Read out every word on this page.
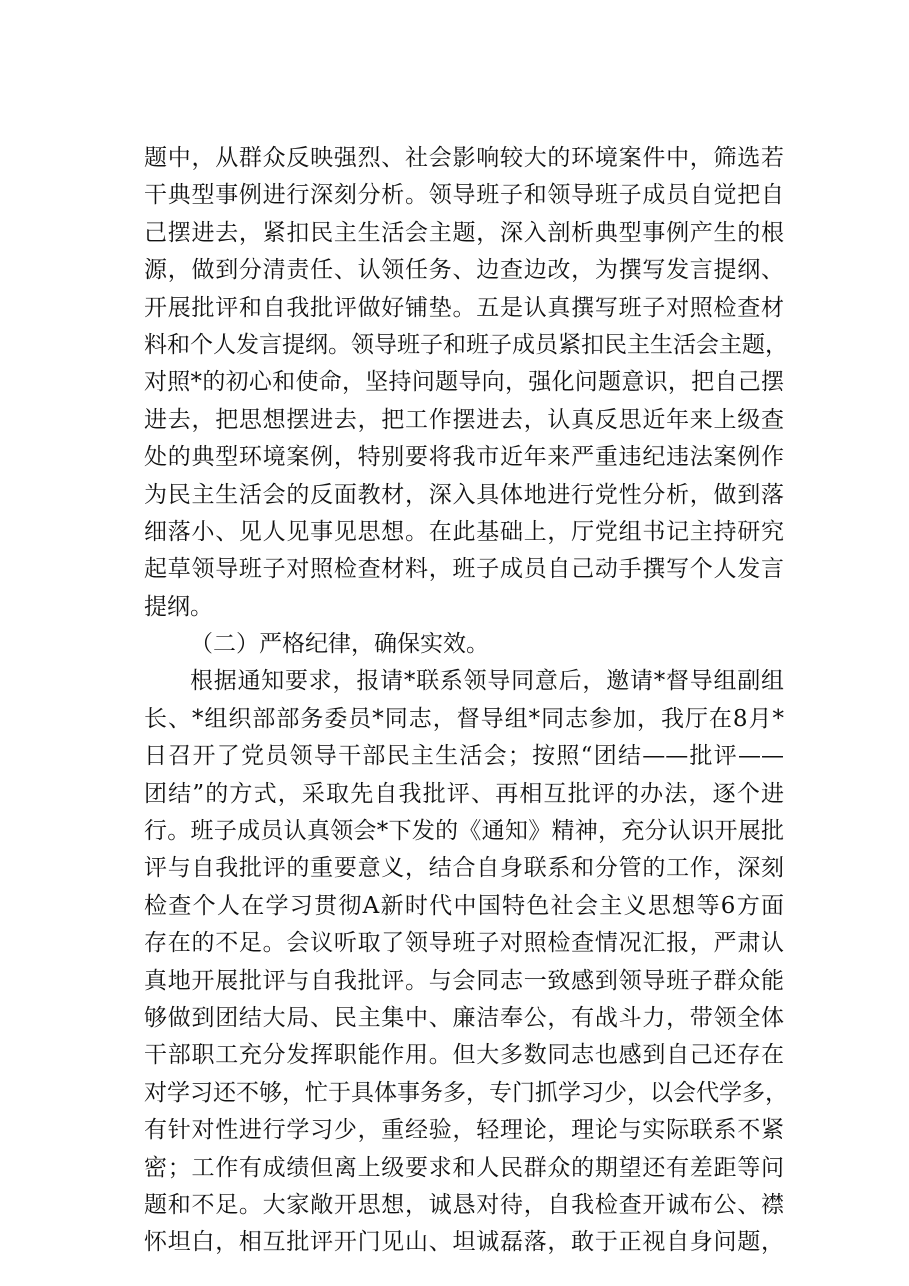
题中，从群众反映强烈、社会影响较大的环境案件中，筛选若
干典型事例进行深刻分析。领导班子和领导班子成员自觉把自
己摆进去，紧扣民主生活会主题，深入剖析典型事例产生的根
源，做到分清责任、认领任务、边查边改，为撰写发言提纲、
开展批评和自我批评做好铺垫。五是认真撰写班子对照检查材
料和个人发言提纲。领导班子和班子成员紧扣民主生活会主题，
对照*的初心和使命，坚持问题导向，强化问题意识，把自己摆
进去，把思想摆进去，把工作摆进去，认真反思近年来上级查
处的典型环境案例，特别要将我市近年来严重违纪违法案例作
为民主生活会的反面教材，深入具体地进行党性分析，做到落
细落小、见人见事见思想。在此基础上，厅党组书记主持研究
起草领导班子对照检查材料，班子成员自己动手撰写个人发言
提纲。
（二）严格纪律，确保实效。
根据通知要求，报请*联系领导同意后，邀请*督导组副组
长、*组织部部务委员*同志，督导组*同志参加，我厅在8月*
日召开了党员领导干部民主生活会；按照“团结——批评——
团结”的方式，采取先自我批评、再相互批评的办法，逐个进
行。班子成员认真领会*下发的《通知》精神，充分认识开展批
评与自我批评的重要意义，结合自身联系和分管的工作，深刻
检查个人在学习贯彻A新时代中国特色社会主义思想等6方面
存在的不足。会议听取了领导班子对照检查情况汇报，严肃认
真地开展批评与自我批评。与会同志一致感到领导班子群众能
够做到团结大局、民主集中、廉洁奉公，有战斗力，带领全体
干部职工充分发挥职能作用。但大多数同志也感到自己还存在
对学习还不够，忙于具体事务多，专门抓学习少，以会代学多，
有针对性进行学习少，重经验，轻理论，理论与实际联系不紧
密；工作有成绩但离上级要求和人民群众的期望还有差距等问
题和不足。大家敞开思想，诚恳对待，自我检查开诚布公、襟
怀坦白，相互批评开门见山、坦诚磊落，敢于正视自身问题，
